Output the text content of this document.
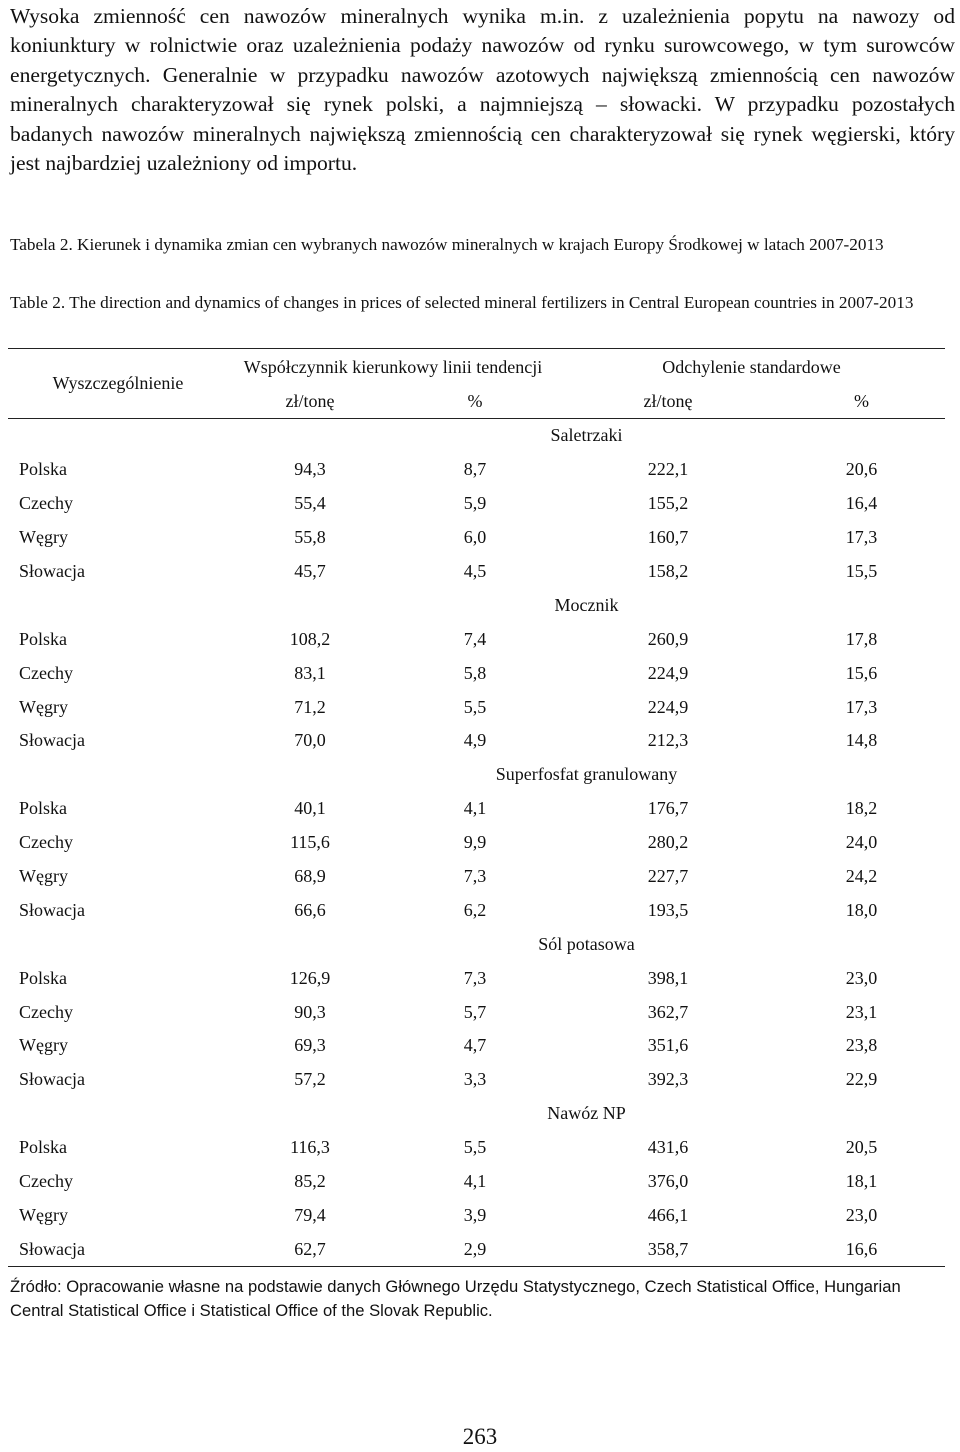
Wysoka zmienność cen nawozów mineralnych wynika m.in. z uzależnienia popytu na nawozy od koniunktury w rolnictwie oraz uzależnienia podaży nawozów od rynku surowcowego, w tym surowców energetycznych. Generalnie w przypadku nawozów azotowych największą zmiennością cen nawozów mineralnych charakteryzował się rynek polski, a najmniejszą – słowacki. W przypadku pozostałych badanych nawozów mineralnych największą zmiennością cen charakteryzował się rynek węgierski, który jest najbardziej uzależniony od importu.
Tabela 2. Kierunek i dynamika zmian cen wybranych nawozów mineralnych w krajach Europy Środkowej w latach 2007-2013
Table 2. The direction and dynamics of changes in prices of selected mineral fertilizers in Central European countries in 2007-2013
Wyszczególnienie	Współczynnik kierunkowy linii tendencji		Odchylenie standardowe	
	zł/tonę	%	zł/tonę	%
	Saletrzaki			
Polska	94,3	8,7	222,1	20,6
Czechy	55,4	5,9	155,2	16,4
Węgry	55,8	6,0	160,7	17,3
Słowacja	45,7	4,5	158,2	15,5
	Mocznik			
Polska	108,2	7,4	260,9	17,8
Czechy	83,1	5,8	224,9	15,6
Węgry	71,2	5,5	224,9	17,3
Słowacja	70,0	4,9	212,3	14,8
	Superfosfat granulowany			
Polska	40,1	4,1	176,7	18,2
Czechy	115,6	9,9	280,2	24,0
Węgry	68,9	7,3	227,7	24,2
Słowacja	66,6	6,2	193,5	18,0
	Sól potasowa			
Polska	126,9	7,3	398,1	23,0
Czechy	90,3	5,7	362,7	23,1
Węgry	69,3	4,7	351,6	23,8
Słowacja	57,2	3,3	392,3	22,9
	Nawóz NP			
Polska	116,3	5,5	431,6	20,5
Czechy	85,2	4,1	376,0	18,1
Węgry	79,4	3,9	466,1	23,0
Słowacja	62,7	2,9	358,7	16,6
Źródło: Opracowanie własne na podstawie danych Głównego Urzędu Statystycznego, Czech Statistical Office, Hungarian Central Statistical Office i Statistical Office of the Slovak Republic.
263
